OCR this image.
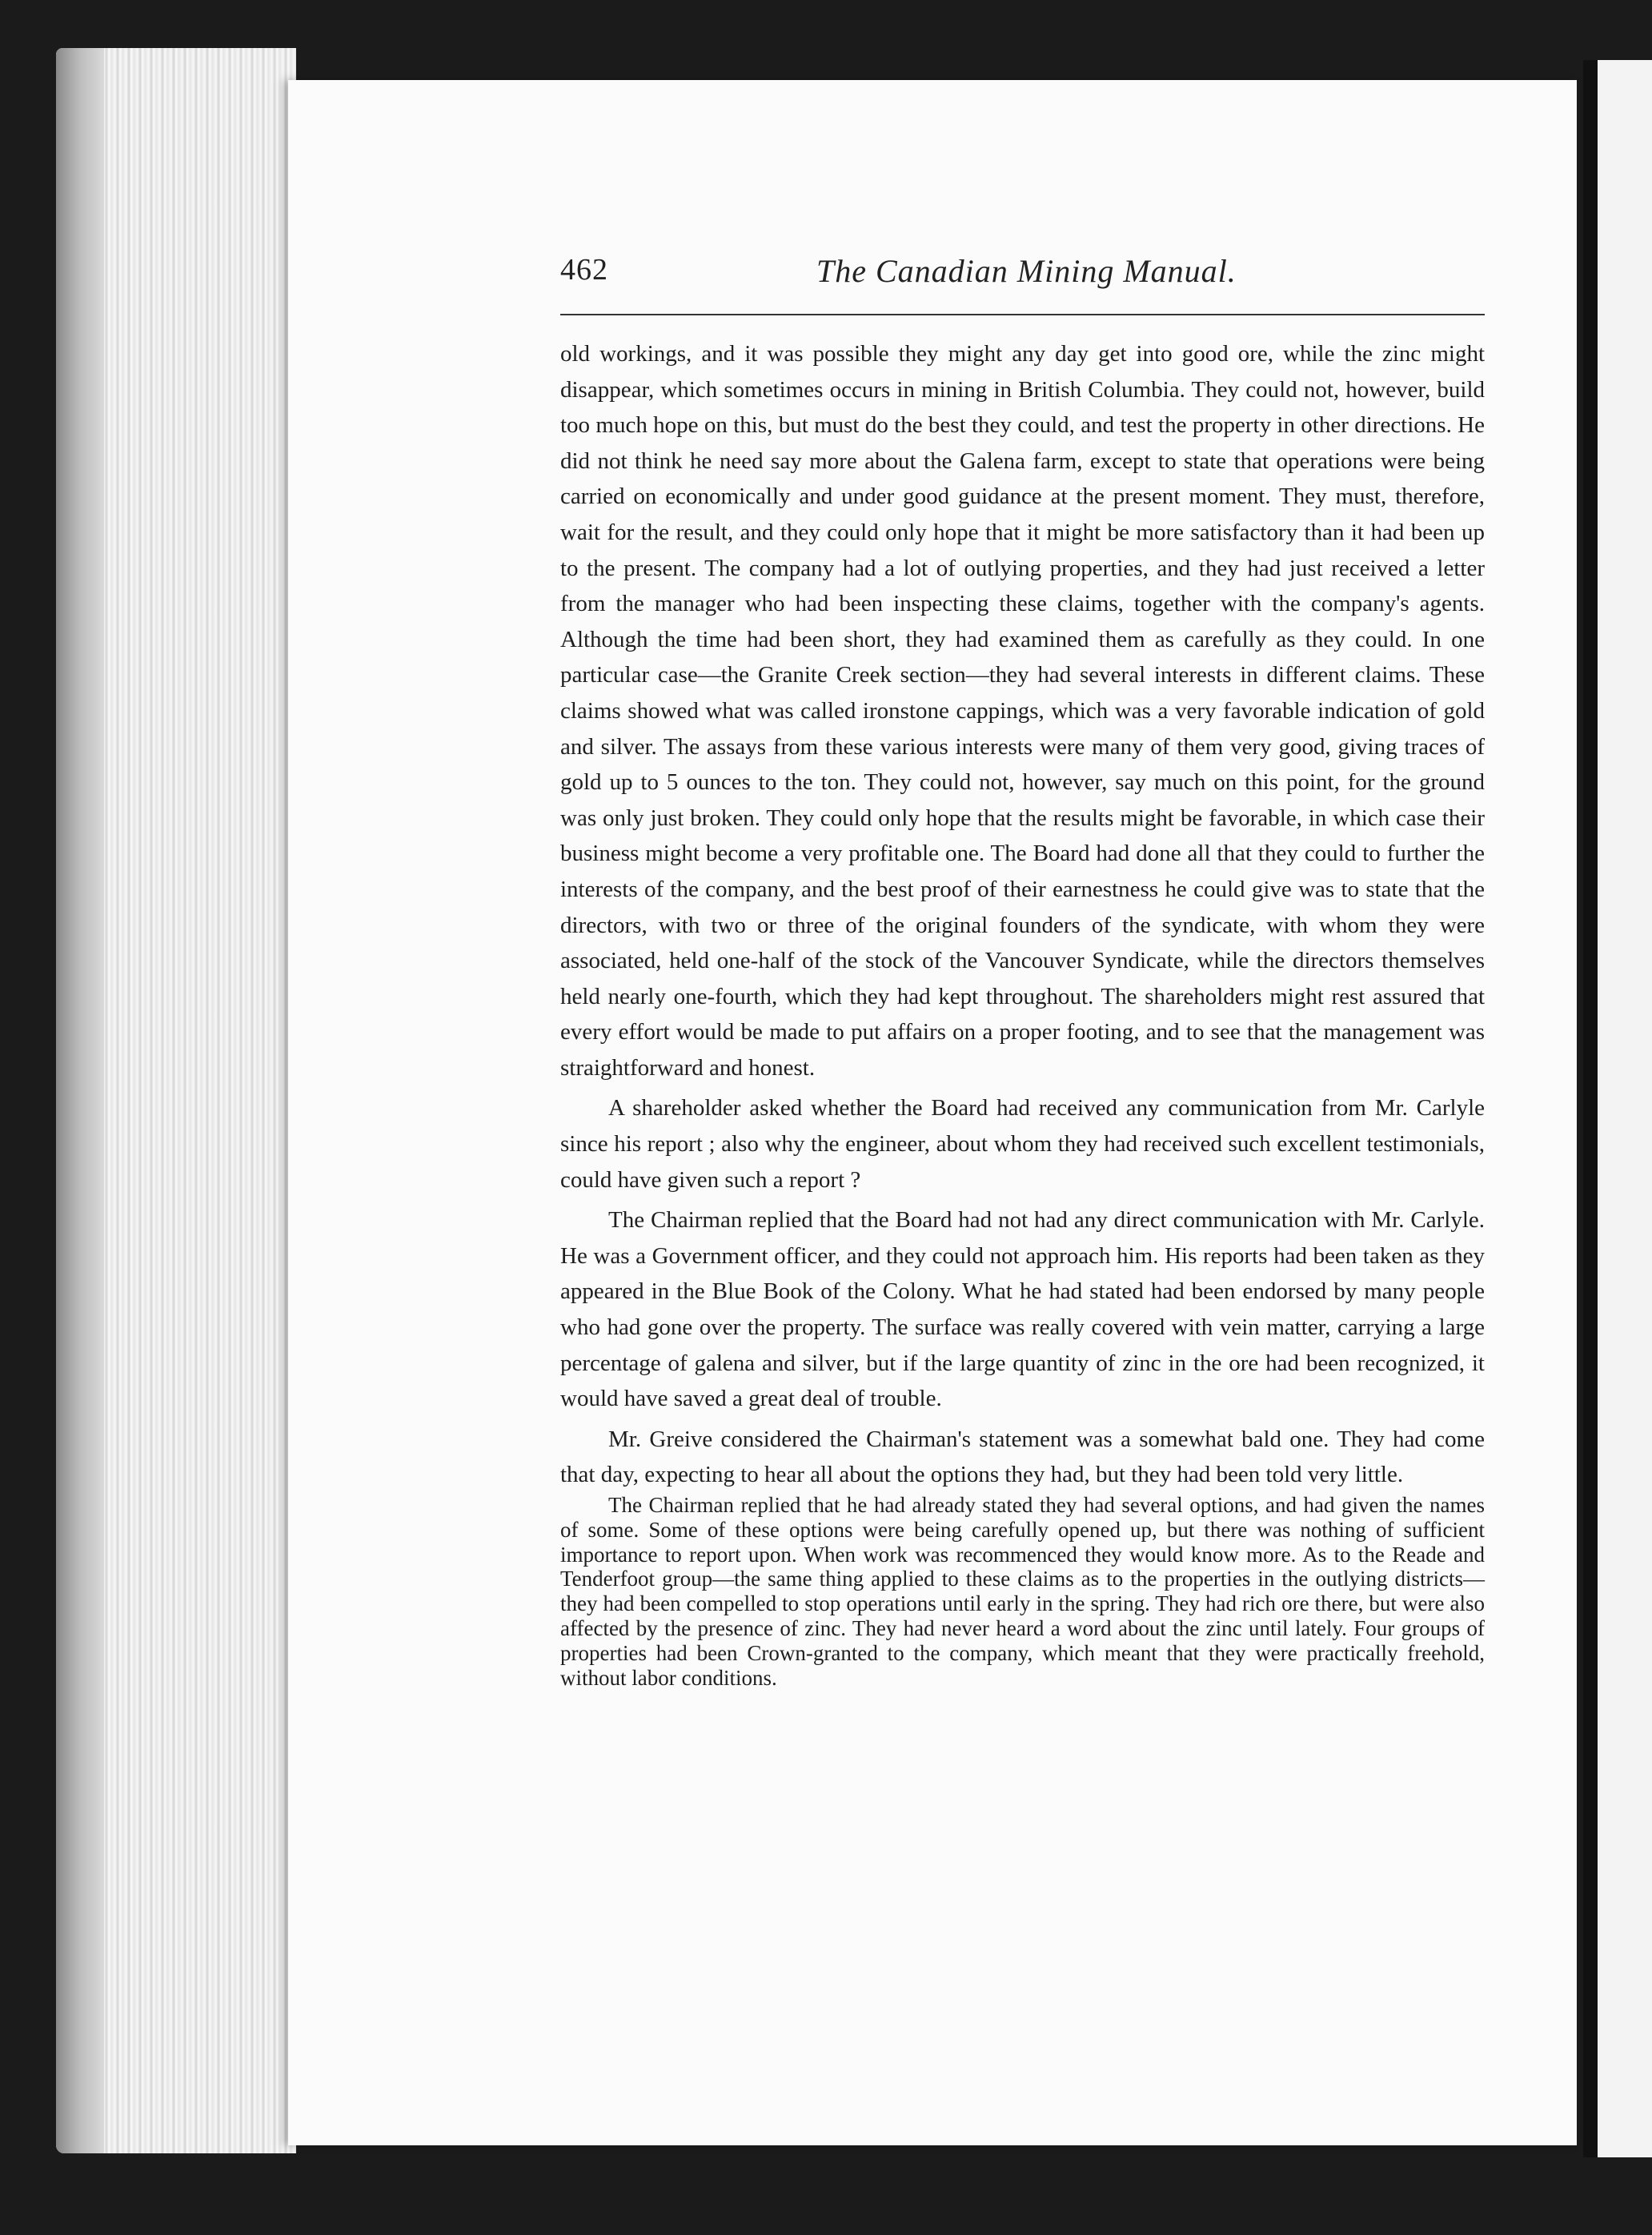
462	The Canadian Mining Manual.

old workings, and it was possible they might any day get into good ore, while the zinc might disappear, which sometimes occurs in mining in British Columbia. They could not, however, build too much hope on this, but must do the best they could, and test the property in other directions. He did not think he need say more about the Galena farm, except to state that operations were being carried on economically and under good guidance at the present moment. They must, therefore, wait for the result, and they could only hope that it might be more satisfactory than it had been up to the present. The company had a lot of outlying properties, and they had just received a letter from the manager who had been inspecting these claims, together with the company's agents. Although the time had been short, they had examined them as carefully as they could. In one particular case—the Granite Creek section—they had several interests in different claims. These claims showed what was called ironstone cappings, which was a very favorable indication of gold and silver. The assays from these various interests were many of them very good, giving traces of gold up to 5 ounces to the ton. They could not, however, say much on this point, for the ground was only just broken. They could only hope that the results might be favorable, in which case their business might become a very profitable one. The Board had done all that they could to further the interests of the company, and the best proof of their earnestness he could give was to state that the directors, with two or three of the original founders of the syndicate, with whom they were associated, held one-half of the stock of the Vancouver Syndicate, while the directors themselves held nearly one-fourth, which they had kept throughout. The shareholders might rest assured that every effort would be made to put affairs on a proper footing, and to see that the management was straightforward and honest.

A shareholder asked whether the Board had received any communication from Mr. Carlyle since his report ; also why the engineer, about whom they had received such excellent testimonials, could have given such a report ?

The Chairman replied that the Board had not had any direct communication with Mr. Carlyle. He was a Government officer, and they could not approach him. His reports had been taken as they appeared in the Blue Book of the Colony. What he had stated had been endorsed by many people who had gone over the property. The surface was really covered with vein matter, carrying a large percentage of galena and silver, but if the large quantity of zinc in the ore had been recognized, it would have saved a great deal of trouble.

Mr. Greive considered the Chairman's statement was a somewhat bald one. They had come that day, expecting to hear all about the options they had, but they had been told very little.

The Chairman replied that he had already stated they had several options, and had given the names of some. Some of these options were being carefully opened up, but there was nothing of sufficient importance to report upon. When work was recommenced they would know more. As to the Reade and Tenderfoot group—the same thing applied to these claims as to the properties in the outlying districts—they had been compelled to stop operations until early in the spring. They had rich ore there, but were also affected by the presence of zinc. They had never heard a word about the zinc until lately. Four groups of properties had been Crown-granted to the company, which meant that they were practically freehold, without labor conditions.
